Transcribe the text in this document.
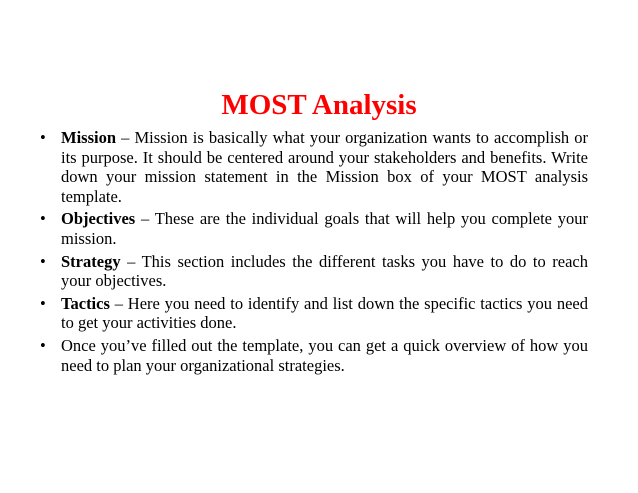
MOST Analysis
• Mission – Mission is basically what your organization wants to accomplish or its purpose. It should be centered around your stakeholders and benefits. Write down your mission statement in the Mission box of your MOST analysis template.
• Objectives – These are the individual goals that will help you complete your mission.
• Strategy – This section includes the different tasks you have to do to reach your objectives.
• Tactics – Here you need to identify and list down the specific tactics you need to get your activities done.
• Once you’ve filled out the template, you can get a quick overview of how you need to plan your organizational strategies.
